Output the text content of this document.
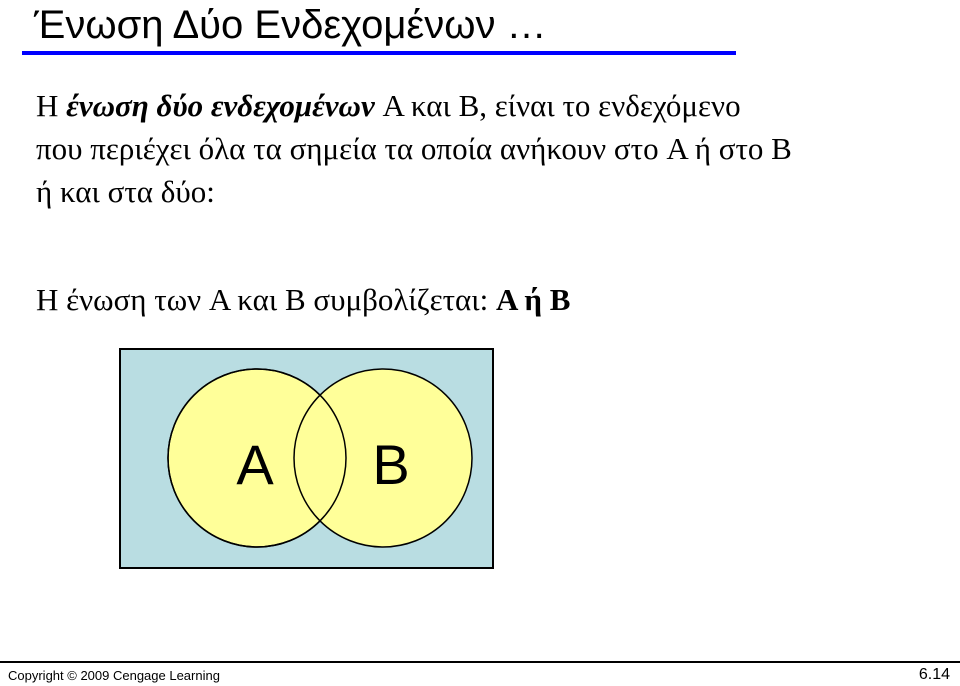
Ένωση Δύο Ενδεχομένων …
Η ένωση δύο ενδεχομένων A και B, είναι το ενδεχόμενο
που περιέχει όλα τα σημεία τα οποία ανήκουν στο A ή στο B
ή και στα δύο:
Η ένωση των A και B συμβολίζεται: A ή B
A B
Copyright © 2009 Cengage Learning	6.14
